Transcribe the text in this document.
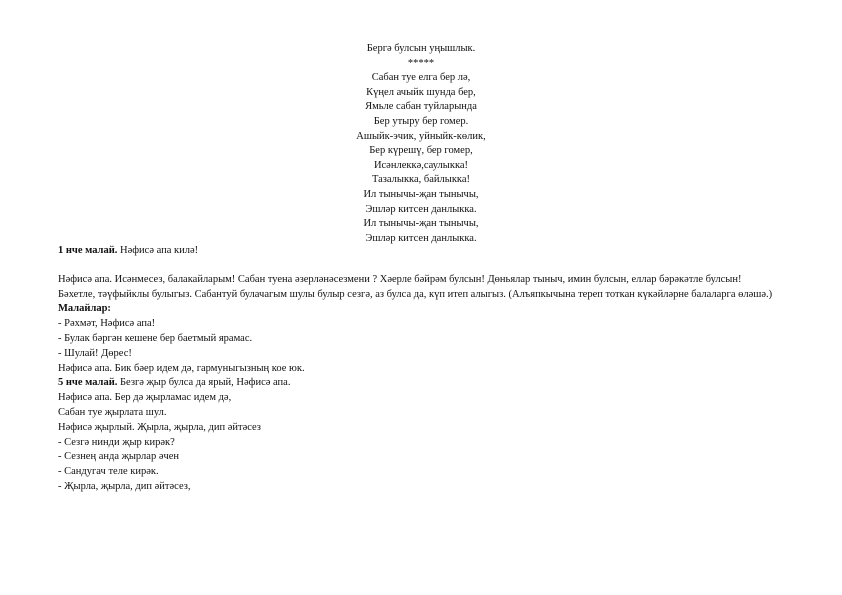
Бергә булсын уңышлык.
*****
Сабан туе елга бер лә,
Күңел ачыйк шунда бер,
Ямьле сабан туйларында
Бер утыру бер гомер.
Ашыйк-эчик, уйныйк-көлик,
Бер күрешү, бер гомер,
Исәнлеккә,саулыкка!
Тазалыкка, байлыкка!
Ил тынычы-җан тынычы,
Эшләр китсен данлыкка.
Ил тынычы-җан тынычы,
Эшләр китсен данлыкка.

1 нче малай. Нәфисә апа килә!

Нәфисә апа. Исәнмесез, балакайларым! Сабан туена әзерләнәсезмени ? Хәерле бәйрәм булсын! Дөньялар тыныч, имин булсын, еллар бәрәкәтле булсын! Бәхетле, тәүфыйклы булыгыз. Сабантуй булачагым шулы булыр сезгә, аз булса да, күп итеп алыгыз. (Алъяпкычына тереп тоткан күкәйләрне балаларга өләшә.)

Малайлар:

- Рәхмәт, Нәфисә апа!

- Булак бәргән кешене бер баетмый ярамас.

- Шулай! Дөрес!

Нәфисә апа. Бик бәер идем дә, гармуныгызның кое юк.

5 нче малай. Безгә җыр булса да ярый, Нәфисә апа.

Нәфисә апа. Бер дә җырламас идем дә,

Сабан туе җырлата шул.

Нәфисә җырлый. Җырла, җырла, дип әйтәсез

- Сезгә нинди җыр кирәк?

- Сезнең анда җырлар әчен

- Сандугач теле кирәк.

- Җырла, җырла, дип әйтәсез,
